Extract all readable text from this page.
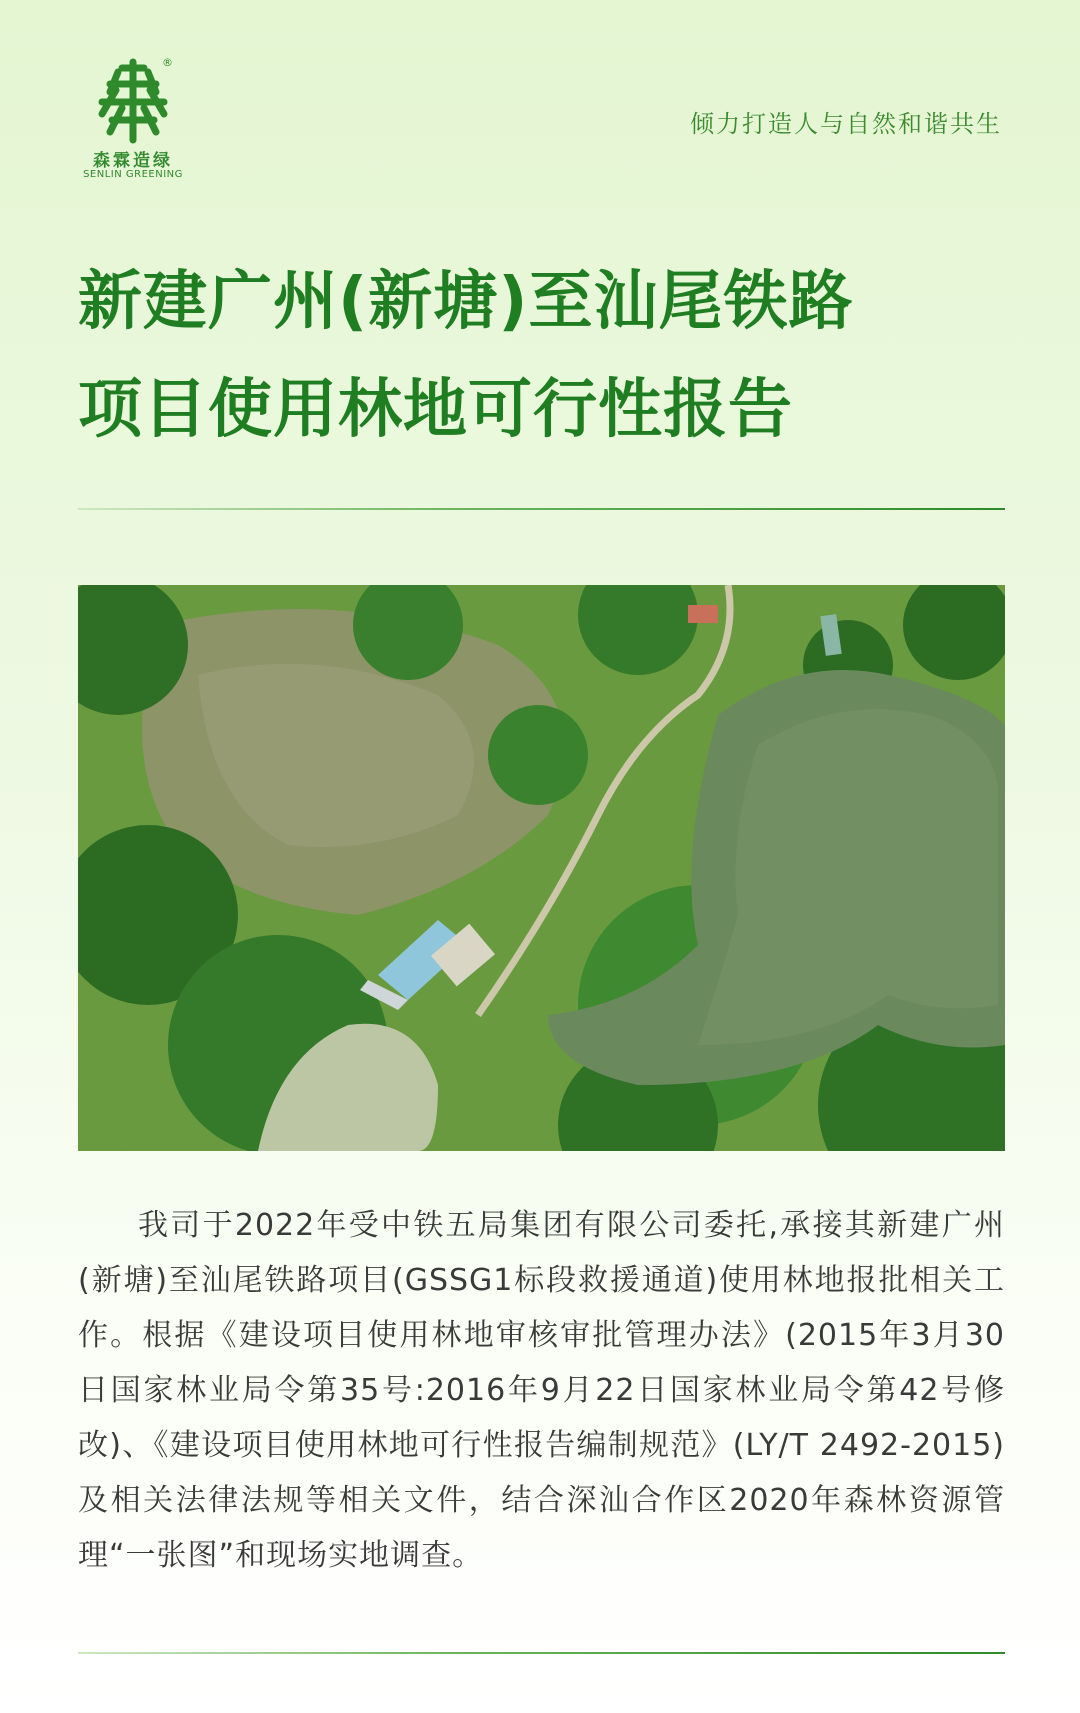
®
森霖造绿
SENLIN GREENING
倾力打造人与自然和谐共生
新建广州(新塘)至汕尾铁路
项目使用林地可行性报告
我司于2022年受中铁五局集团有限公司委托,承接其新建广州(新塘)至汕尾铁路项目(GSSG1标段救援通道)使用林地报批相关工作。根据《建设项目使用林地审核审批管理办法》(2015年3月30日国家林业局令第35号:2016年9月22日国家林业局令第42号修改)、《建设项目使用林地可行性报告编制规范》(LY/T 2492-2015)及相关法律法规等相关文件，结合深汕合作区2020年森林资源管理“一张图”和现场实地调查。
